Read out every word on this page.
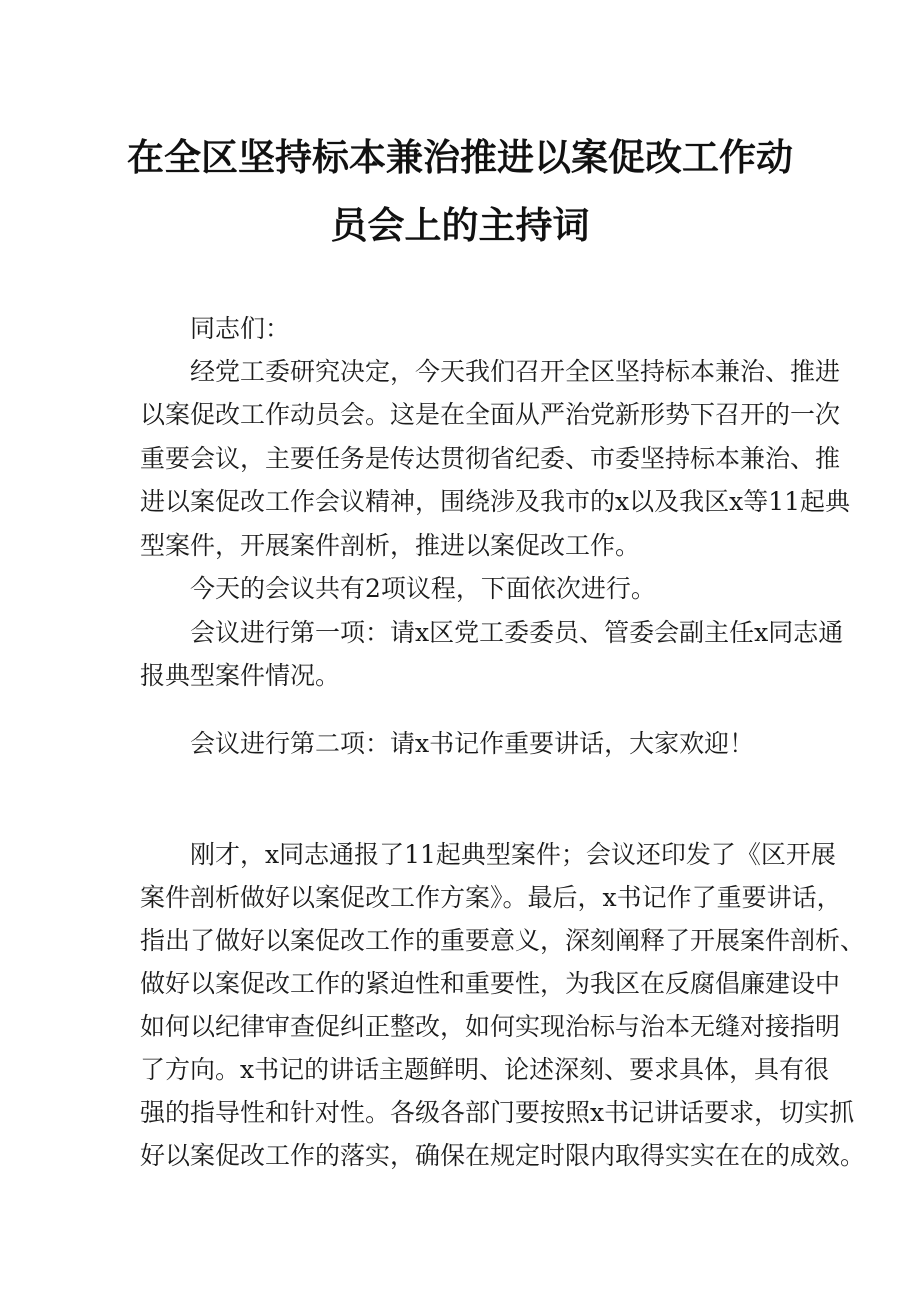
在全区坚持标本兼治推进以案促改工作动
员会上的主持词
同志们：
经党工委研究决定，今天我们召开全区坚持标本兼治、推进
以案促改工作动员会。这是在全面从严治党新形势下召开的一次
重要会议，主要任务是传达贯彻省纪委、市委坚持标本兼治、推
进以案促改工作会议精神，围绕涉及我市的x以及我区x等11起典
型案件，开展案件剖析，推进以案促改工作。
今天的会议共有2项议程，下面依次进行。
会议进行第一项：请x区党工委委员、管委会副主任x同志通
报典型案件情况。
会议进行第二项：请x书记作重要讲话，大家欢迎！
刚才，x同志通报了11起典型案件；会议还印发了《区开展
案件剖析做好以案促改工作方案》。最后，x书记作了重要讲话，
指出了做好以案促改工作的重要意义，深刻阐释了开展案件剖析、
做好以案促改工作的紧迫性和重要性，为我区在反腐倡廉建设中
如何以纪律审查促纠正整改，如何实现治标与治本无缝对接指明
了方向。x书记的讲话主题鲜明、论述深刻、要求具体，具有很
强的指导性和针对性。各级各部门要按照x书记讲话要求，切实抓
好以案促改工作的落实，确保在规定时限内取得实实在在的成效。
